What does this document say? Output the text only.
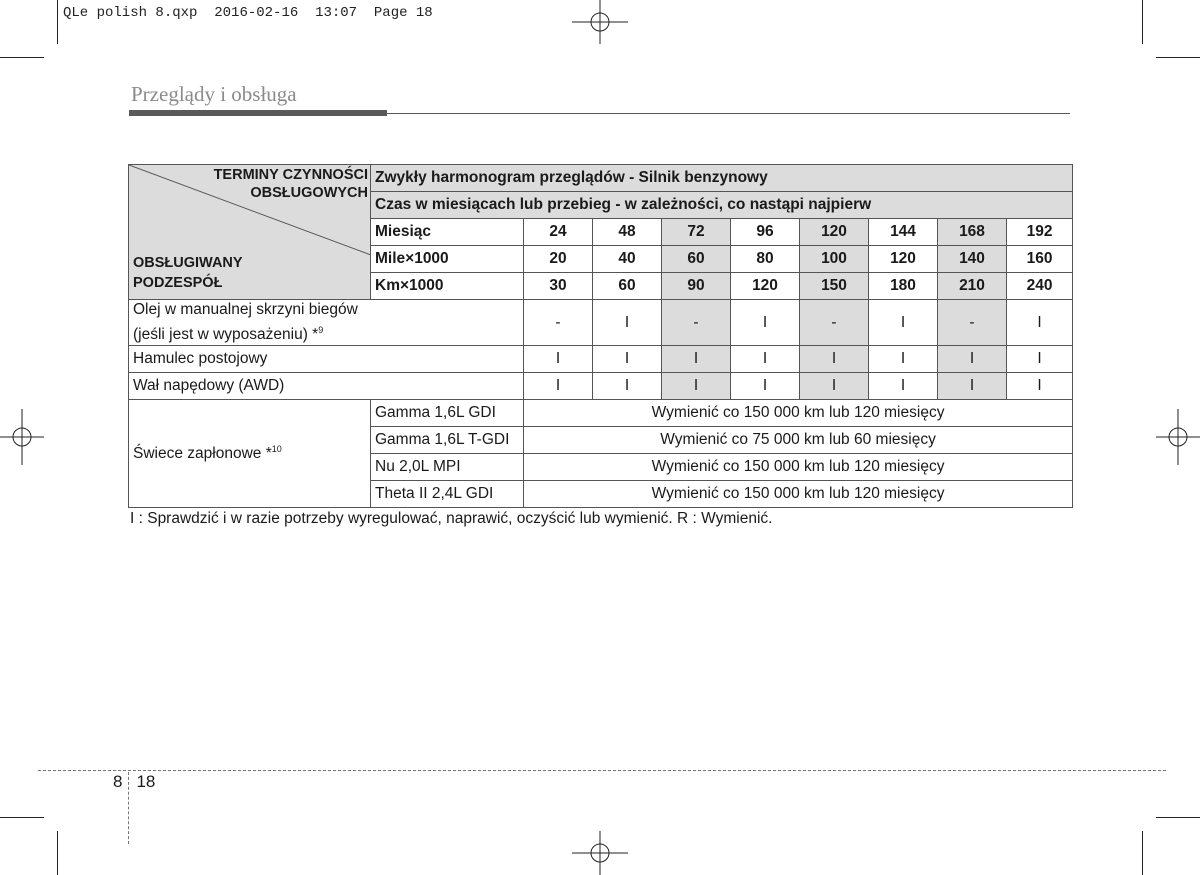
QLe polish 8.qxp 2016-02-16 13:07 Page 18
Przeglądy i obsługa
TERMINY CZYNNOŚCI
OBSŁUGOWYCH
OBSŁUGIWANY
PODZESPÓŁ	Zwykły harmonogram przeglądów - Silnik benzynowy								
	Czas w miesiącach lub przebieg - w zależności, co nastąpi najpierw								
	Miesiąc	24	48	72	96	120	144	168	192
	Mile×1000	20	40	60	80	100	120	140	160
	Km×1000	30	60	90	120	150	180	210	240

Olej w manualnej skrzyni biegów
(jeśli jest w wyposażeniu) *$^9$		-	I	-	I	-	I	-	I
Hamulec postojowy		I	I	I	I	I	I	I	I
Wał napędowy (AWD)		I	I	I	I	I	I	I	I
Świece zapłonowe *$^{10}$	Gamma 1,6L GDI	Wymienić co 150 000 km lub 120 miesięcy							
	Gamma 1,6L T-GDI	Wymienić co 75 000 km lub 60 miesięcy							
	Nu 2,0L MPI	Wymienić co 150 000 km lub 120 miesięcy							
	Theta II 2,4L GDI	Wymienić co 150 000 km lub 120 miesięcy							
I : Sprawdzić i w razie potrzeby wyregulować, naprawić, oczyścić lub wymienić. R : Wymienić.
8 18
